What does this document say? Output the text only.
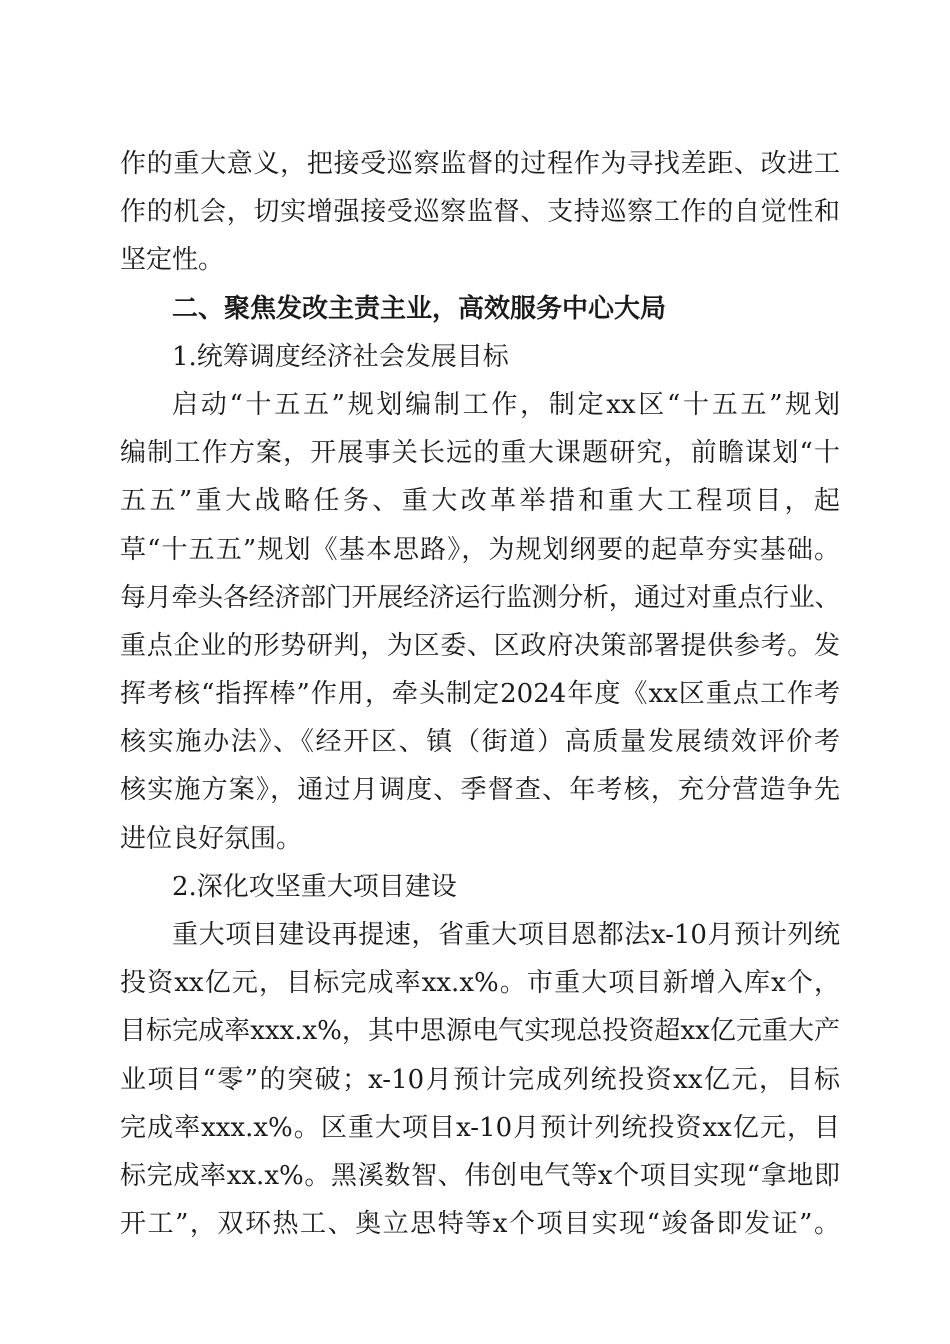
作的重大意义，把接受巡察监督的过程作为寻找差距、改进工
作的机会，切实增强接受巡察监督、支持巡察工作的自觉性和
坚定性。
二、聚焦发改主责主业，高效服务中心大局
1.统筹调度经济社会发展目标
启动“十五五”规划编制工作，制定xx区“十五五”规划
编制工作方案，开展事关长远的重大课题研究，前瞻谋划“十
五五”重大战略任务、重大改革举措和重大工程项目，起
草“十五五”规划《基本思路》，为规划纲要的起草夯实基础。
每月牵头各经济部门开展经济运行监测分析，通过对重点行业、
重点企业的形势研判，为区委、区政府决策部署提供参考。发
挥考核“指挥棒”作用，牵头制定2024年度《xx区重点工作考
核实施办法》、《经开区、镇（街道）高质量发展绩效评价考
核实施方案》，通过月调度、季督查、年考核，充分营造争先
进位良好氛围。
2.深化攻坚重大项目建设
重大项目建设再提速，省重大项目恩都法x-10月预计列统
投资xx亿元，目标完成率xx.x%。市重大项目新增入库x个，
目标完成率xxx.x%，其中思源电气实现总投资超xx亿元重大产
业项目“零”的突破；x-10月预计完成列统投资xx亿元，目标
完成率xxx.x%。区重大项目x-10月预计列统投资xx亿元，目
标完成率xx.x%。黑溪数智、伟创电气等x个项目实现“拿地即
开工”，双环热工、奥立思特等x个项目实现“竣备即发证”。
